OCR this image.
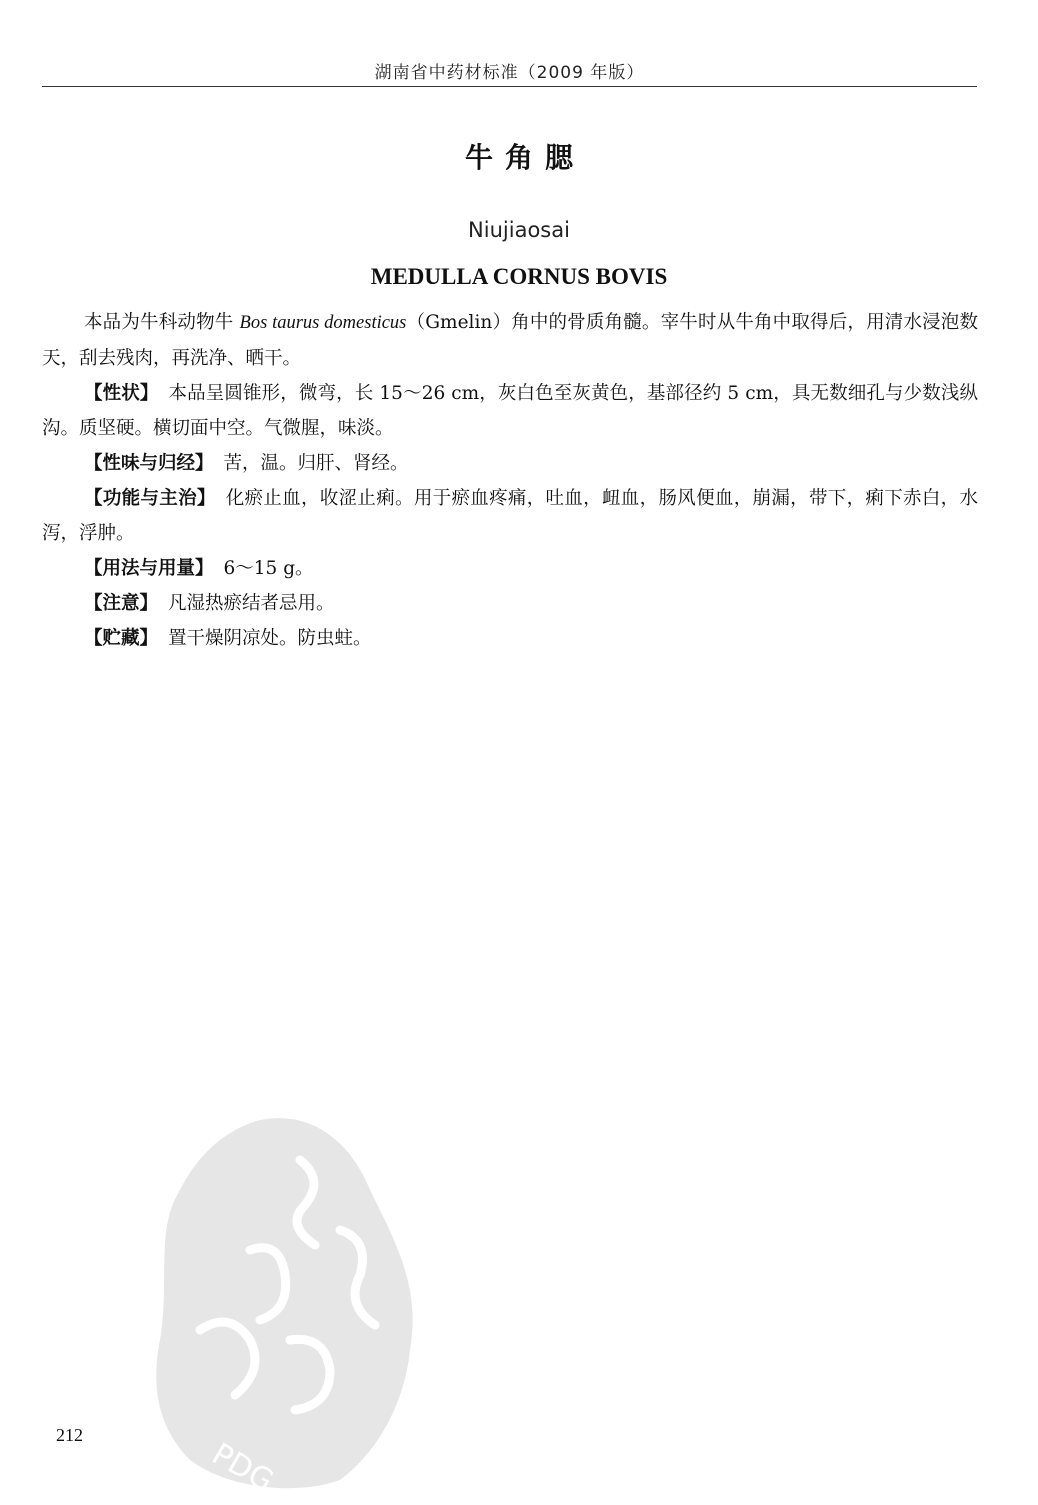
湖南省中药材标准（2009 年版）
牛角腮
Niujiaosai
MEDULLA CORNUS BOVIS

本品为牛科动物牛 Bos taurus domesticus（Gmelin）角中的骨质角髓。宰牛时从牛角中取得后，用清水浸泡数天，刮去残肉，再洗净、晒干。

【性状】 本品呈圆锥形，微弯，长 15～26 cm，灰白色至灰黄色，基部径约 5 cm，具无数细孔与少数浅纵沟。质坚硬。横切面中空。气微腥，味淡。

【性味与归经】 苦，温。归肝、肾经。

【功能与主治】 化瘀止血，收涩止痢。用于瘀血疼痛，吐血，衄血，肠风便血，崩漏，带下，痢下赤白，水泻，浮肿。

【用法与用量】 6～15 g。

【注意】 凡湿热瘀结者忌用。

【贮藏】 置干燥阴凉处。防虫蛀。

PDG
212
